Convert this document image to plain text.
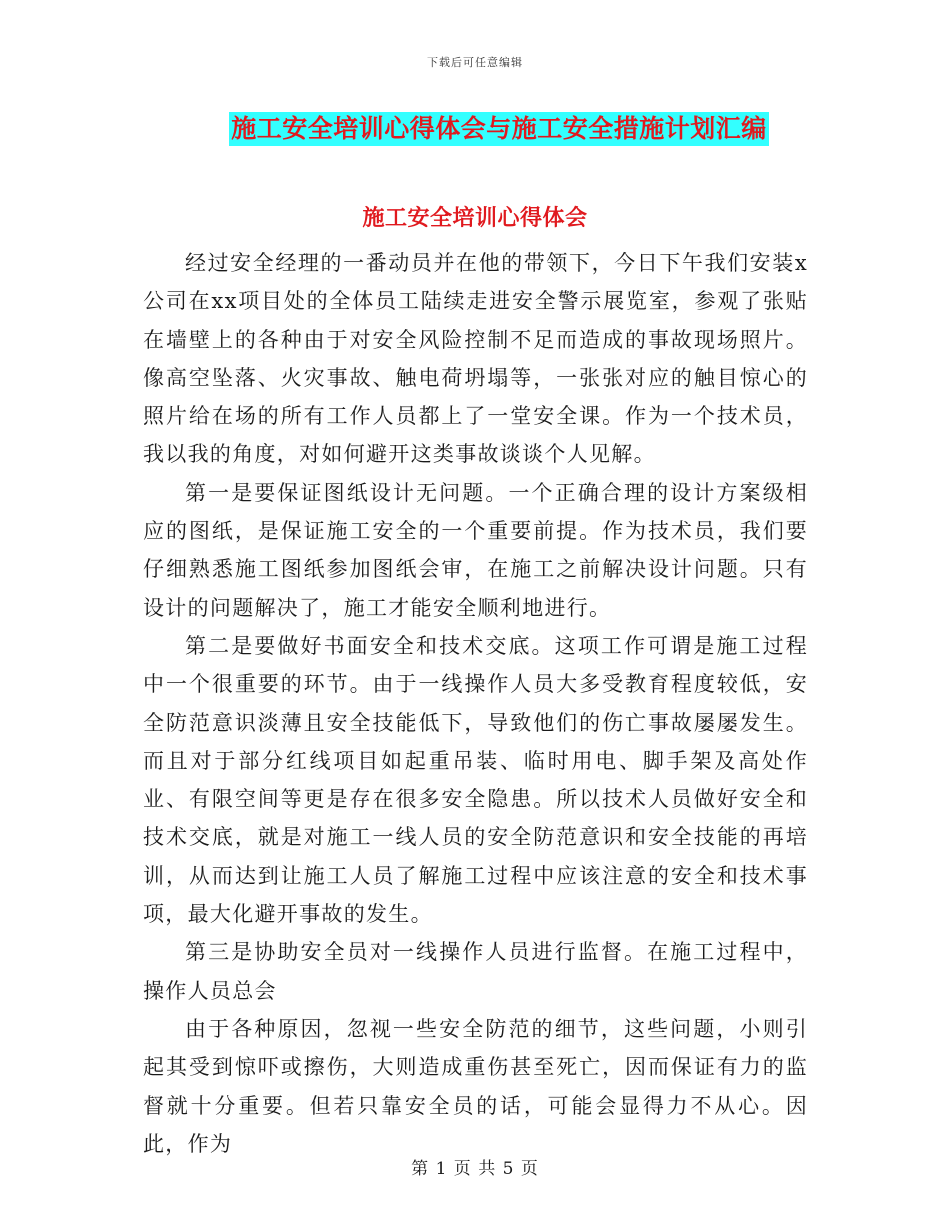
下载后可任意编辑
施工安全培训心得体会与施工安全措施计划汇编
施工安全培训心得体会

经过安全经理的一番动员并在他的带领下，今日下午我们安装x公司在xx项目处的全体员工陆续走进安全警示展览室，参观了张贴在墙壁上的各种由于对安全风险控制不足而造成的事故现场照片。像高空坠落、火灾事故、触电荷坍塌等，一张张对应的触目惊心的照片给在场的所有工作人员都上了一堂安全课。作为一个技术员，我以我的角度，对如何避开这类事故谈谈个人见解。

第一是要保证图纸设计无问题。一个正确合理的设计方案级相应的图纸，是保证施工安全的一个重要前提。作为技术员，我们要仔细熟悉施工图纸参加图纸会审，在施工之前解决设计问题。只有设计的问题解决了，施工才能安全顺利地进行。

第二是要做好书面安全和技术交底。这项工作可谓是施工过程中一个很重要的环节。由于一线操作人员大多受教育程度较低，安全防范意识淡薄且安全技能低下，导致他们的伤亡事故屡屡发生。而且对于部分红线项目如起重吊装、临时用电、脚手架及高处作业、有限空间等更是存在很多安全隐患。所以技术人员做好安全和技术交底，就是对施工一线人员的安全防范意识和安全技能的再培训，从而达到让施工人员了解施工过程中应该注意的安全和技术事项，最大化避开事故的发生。

第三是协助安全员对一线操作人员进行监督。在施工过程中，操作人员总会

由于各种原因，忽视一些安全防范的细节，这些问题，小则引起其受到惊吓或擦伤，大则造成重伤甚至死亡，因而保证有力的监督就十分重要。但若只靠安全员的话，可能会显得力不从心。因此，作为

第 1 页 共 5 页
